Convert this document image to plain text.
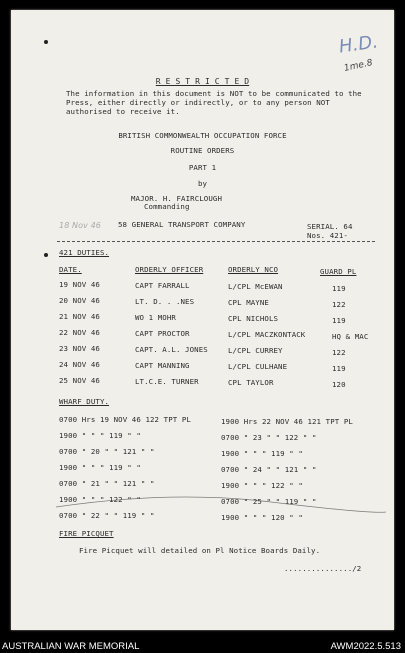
H.D.
1me.8
R E S T R I C T E D
The information in this document is NOT to be communicated to the
Press, either directly or indirectly, or to any person NOT
authorised to receive it.
BRITISH COMMONWEALTH OCCUPATION FORCE
ROUTINE ORDERS
PART 1
by
MAJOR. H. FAIRCLOUGH
Commanding
18 Nov 46 58 GENERAL TRANSPORT COMPANY	SERIAL. 64
Nos. 421-
421 DUTIES.
DATE.	ORDERLY OFFICER	ORDERLY NCO	GUARD PL
19 NOV 46	CAPT FARRALL	L/CPL McEWAN	119
20 NOV 46	LT. D. . .NES	CPL MAYNE	122
21 NOV 46	WO 1 MOHR	CPL NICHOLS	119
22 NOV 46	CAPT PROCTOR	L/CPL MACZKONTACK	HQ & MAC
23 NOV 46	CAPT. A.L. JONES	L/CPL CURREY	122
24 NOV 46	CAPT MANNING	L/CPL CULHANE	119
25 NOV 46	LT.C.E. TURNER	CPL TAYLOR	120
WHARF DUTY.
0700 Hrs 19 NOV 46 122 TPT PL
1900 " " " 119 " "
0700 " 20 " " 121 " "
1900 " " " 119 " "
0700 " 21 " " 121 " "
1900 " " " 122 " "
0700 " 22 " " 119 " "
1900 Hrs 22 NOV 46 121 TPT PL
0700 " 23 " " 122 " "
1900 " " " 119 " "
0700 " 24 " " 121 " "
1900 " " " 122 " "
0700 " 25 " " 119 " "
1900 " " " 120 " "
FIRE PICQUET
Fire Picquet will detailed on Pl Notice Boards Daily.
.............../2
AUSTRALIAN WAR MEMORIAL	AWM2022.5.513
